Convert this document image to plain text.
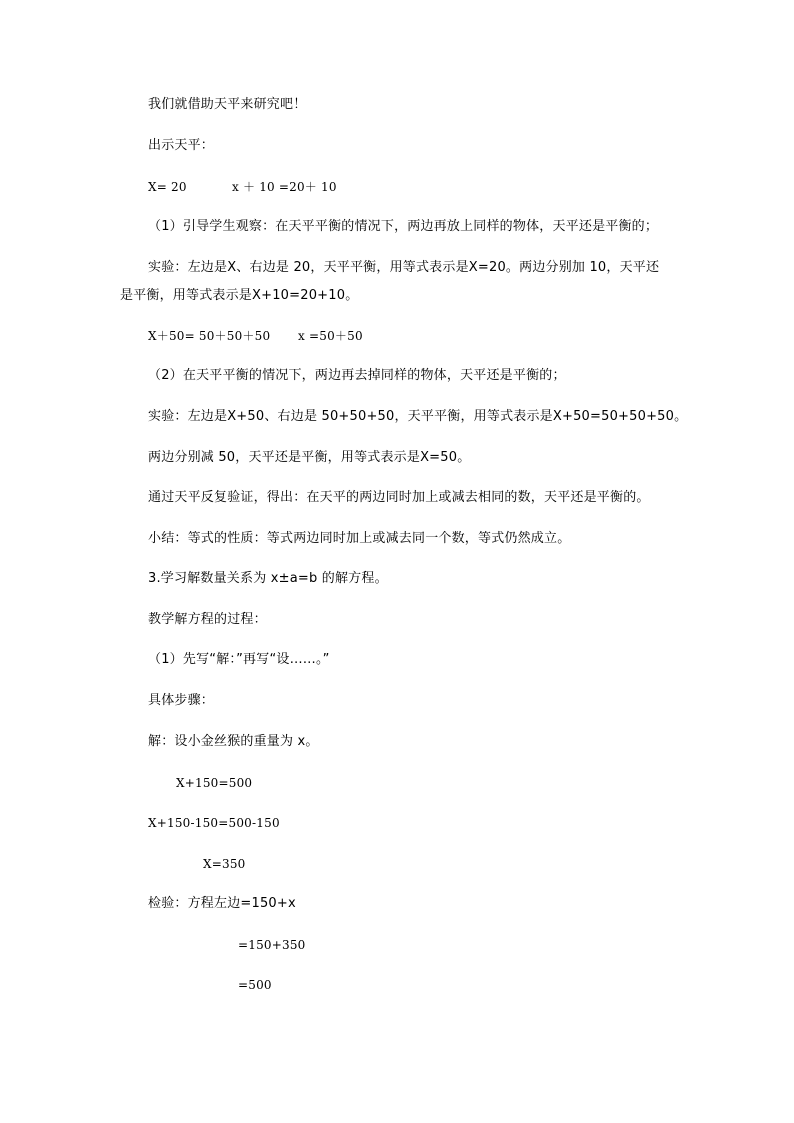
我们就借助天平来研究吧！
出示天平：
X= 20	x ＋ 10 =20＋ 10
（1）引导学生观察：在天平平衡的情况下，两边再放上同样的物体，天平还是平衡的；
实验：左边是X、右边是 20，天平平衡，用等式表示是X=20。两边分别加 10，天平还
是平衡，用等式表示是X+10=20+10。
X＋50= 50＋50＋50 x =50＋50
（2）在天平平衡的情况下，两边再去掉同样的物体，天平还是平衡的；
实验：左边是X+50、右边是 50+50+50，天平平衡，用等式表示是X+50=50+50+50。
两边分别减 50，天平还是平衡，用等式表示是X=50。
通过天平反复验证，得出：在天平的两边同时加上或减去相同的数，天平还是平衡的。
小结：等式的性质：等式两边同时加上或减去同一个数，等式仍然成立。
3.学习解数量关系为 x±a=b 的解方程。
教学解方程的过程：
（1）先写“解：”再写“设……。”
具体步骤：
解：设小金丝猴的重量为 x。
X+150=500
X+150-150=500-150
X=350
检验：方程左边=150+x
=150+350
=500
